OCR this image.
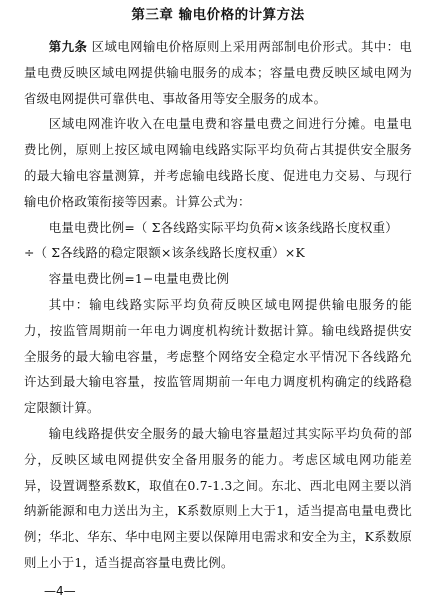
第三章 输电价格的计算方法

第九条 区域电网输电价格原则上采用两部制电价形式。其中：电量电费反映区域电网提供输电服务的成本；容量电费反映区域电网为省级电网提供可靠供电、事故备用等安全服务的成本。

区域电网准许收入在电量电费和容量电费之间进行分摊。电量电费比例，原则上按区域电网输电线路实际平均负荷占其提供安全服务的最大输电容量测算，并考虑输电线路长度、促进电力交易、与现行输电价格政策衔接等因素。计算公式为：

电量电费比例=（ Σ各线路实际平均负荷×该条线路长度权重）

÷（ Σ各线路的稳定限额×该条线路长度权重）×K

容量电费比例=1−电量电费比例

其中：输电线路实际平均负荷反映区域电网提供输电服务的能力，按监管周期前一年电力调度机构统计数据计算。输电线路提供安全服务的最大输电容量，考虑整个网络安全稳定水平情况下各线路允许达到最大输电容量，按监管周期前一年电力调度机构确定的线路稳定限额计算。

输电线路提供安全服务的最大输电容量超过其实际平均负荷的部分，反映区域电网提供安全备用服务的能力。考虑区域电网功能差异，设置调整系数K，取值在0.7-1.3之间。东北、西北电网主要以消纳新能源和电力送出为主，K系数原则上大于1，适当提高电量电费比例；华北、华东、华中电网主要以保障用电需求和安全为主，K系数原则上小于1，适当提高容量电费比例。

—4—
